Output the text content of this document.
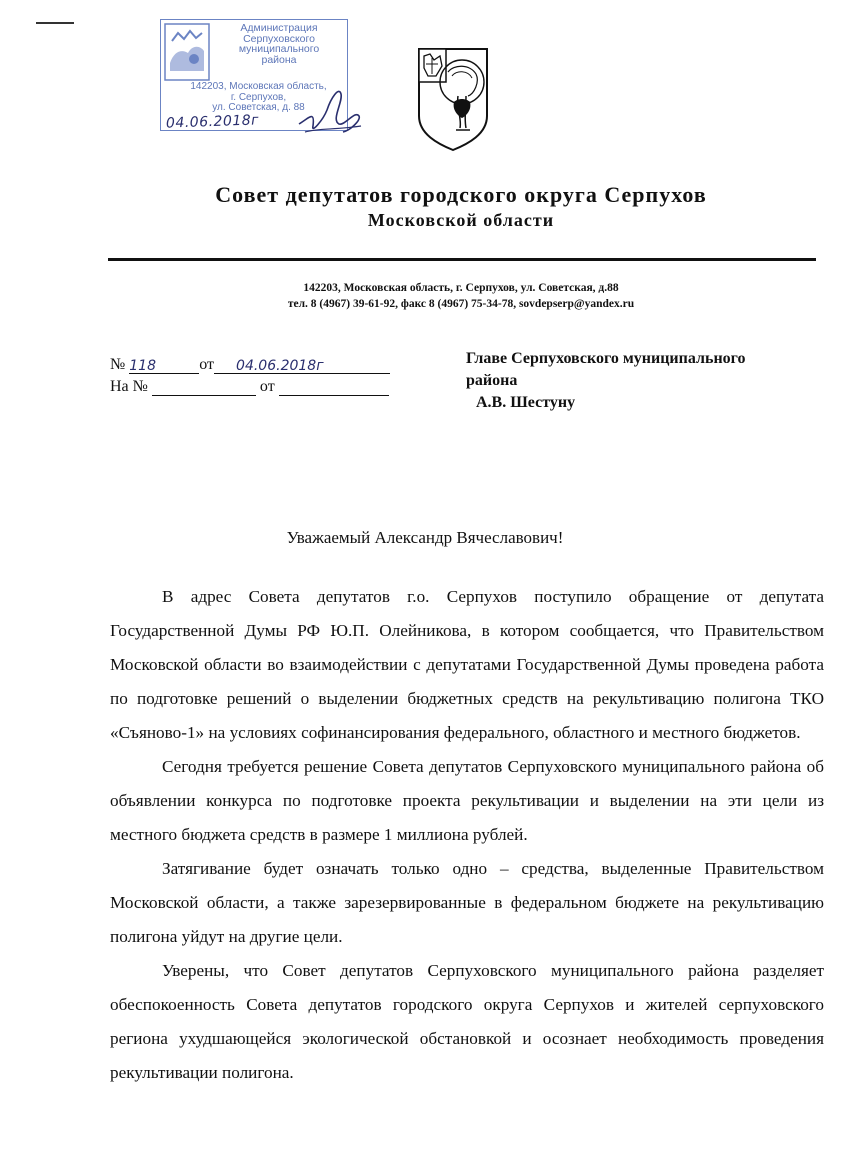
Администрация
Серпуховского
муниципального
района
142203, Московская область,
г. Серпухов,
ул. Советская, д. 88
04.06.2018г
Совет депутатов городского округа Серпухов
Московской области
142203, Московская область, г. Серпухов, ул. Советская, д.88
тел. 8 (4967) 39-61-92, факс 8 (4967) 75-34-78, sovdepserp@yandex.ru
№ 118	от 04.06.2018г
На №	от
Главе Серпуховского муниципального
района
А.В. Шестуну
Уважаемый Александр Вячеславович!

В адрес Совета депутатов г.о. Серпухов поступило обращение от депутата Государственной Думы РФ Ю.П. Олейникова, в котором сообщается, что Правительством Московской области во взаимодействии с депутатами Государственной Думы проведена работа по подготовке решений о выделении бюджетных средств на рекультивацию полигона ТКО «Съяново-1» на условиях софинансирования федерального, областного и местного бюджетов.

Сегодня требуется решение Совета депутатов Серпуховского муниципального района об объявлении конкурса по подготовке проекта рекультивации и выделении на эти цели из местного бюджета средств в размере 1 миллиона рублей.

Затягивание будет означать только одно – средства, выделенные Правительством Московской области, а также зарезервированные в федеральном бюджете на рекультивацию полигона уйдут на другие цели.

Уверены, что Совет депутатов Серпуховского муниципального района разделяет обеспокоенность Совета депутатов городского округа Серпухов и жителей серпуховского региона ухудшающейся экологической обстановкой и осознает необходимость проведения рекультивации полигона.
